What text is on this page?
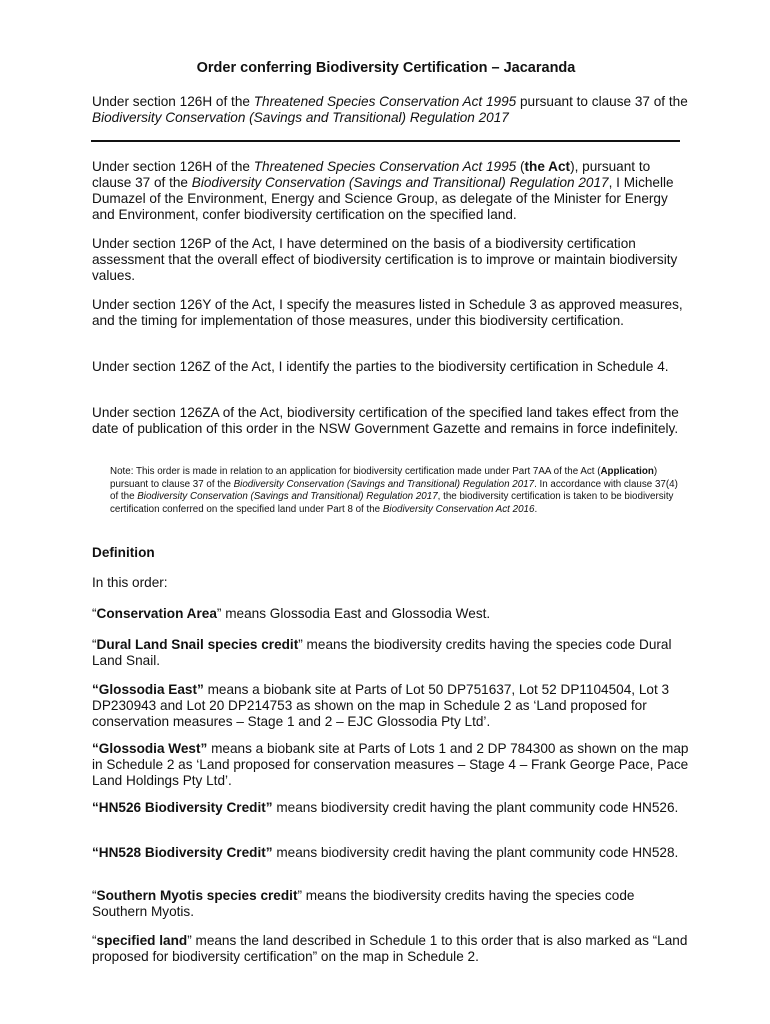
Order conferring Biodiversity Certification – Jacaranda
Under section 126H of the Threatened Species Conservation Act 1995 pursuant to clause 37 of the Biodiversity Conservation (Savings and Transitional) Regulation 2017
Under section 126H of the Threatened Species Conservation Act 1995 (the Act), pursuant to clause 37 of the Biodiversity Conservation (Savings and Transitional) Regulation 2017, I Michelle Dumazel of the Environment, Energy and Science Group, as delegate of the Minister for Energy and Environment, confer biodiversity certification on the specified land.
Under section 126P of the Act, I have determined on the basis of a biodiversity certification assessment that the overall effect of biodiversity certification is to improve or maintain biodiversity values.
Under section 126Y of the Act, I specify the measures listed in Schedule 3 as approved measures, and the timing for implementation of those measures, under this biodiversity certification.
Under section 126Z of the Act, I identify the parties to the biodiversity certification in Schedule 4.
Under section 126ZA of the Act, biodiversity certification of the specified land takes effect from the date of publication of this order in the NSW Government Gazette and remains in force indefinitely.
Note: This order is made in relation to an application for biodiversity certification made under Part 7AA of the Act (Application) pursuant to clause 37 of the Biodiversity Conservation (Savings and Transitional) Regulation 2017. In accordance with clause 37(4) of the Biodiversity Conservation (Savings and Transitional) Regulation 2017, the biodiversity certification is taken to be biodiversity certification conferred on the specified land under Part 8 of the Biodiversity Conservation Act 2016.
Definition
In this order:
“Conservation Area” means Glossodia East and Glossodia West.
“Dural Land Snail species credit” means the biodiversity credits having the species code Dural Land Snail.
“Glossodia East” means a biobank site at Parts of Lot 50 DP751637, Lot 52 DP1104504, Lot 3 DP230943 and Lot 20 DP214753 as shown on the map in Schedule 2 as ‘Land proposed for conservation measures – Stage 1 and 2 – EJC Glossodia Pty Ltd’.
“Glossodia West” means a biobank site at Parts of Lots 1 and 2 DP 784300 as shown on the map in Schedule 2 as ‘Land proposed for conservation measures – Stage 4 – Frank George Pace, Pace Land Holdings Pty Ltd’.
“HN526 Biodiversity Credit” means biodiversity credit having the plant community code HN526.
“HN528 Biodiversity Credit” means biodiversity credit having the plant community code HN528.
“Southern Myotis species credit” means the biodiversity credits having the species code Southern Myotis.
“specified land” means the land described in Schedule 1 to this order that is also marked as “Land proposed for biodiversity certification” on the map in Schedule 2.
